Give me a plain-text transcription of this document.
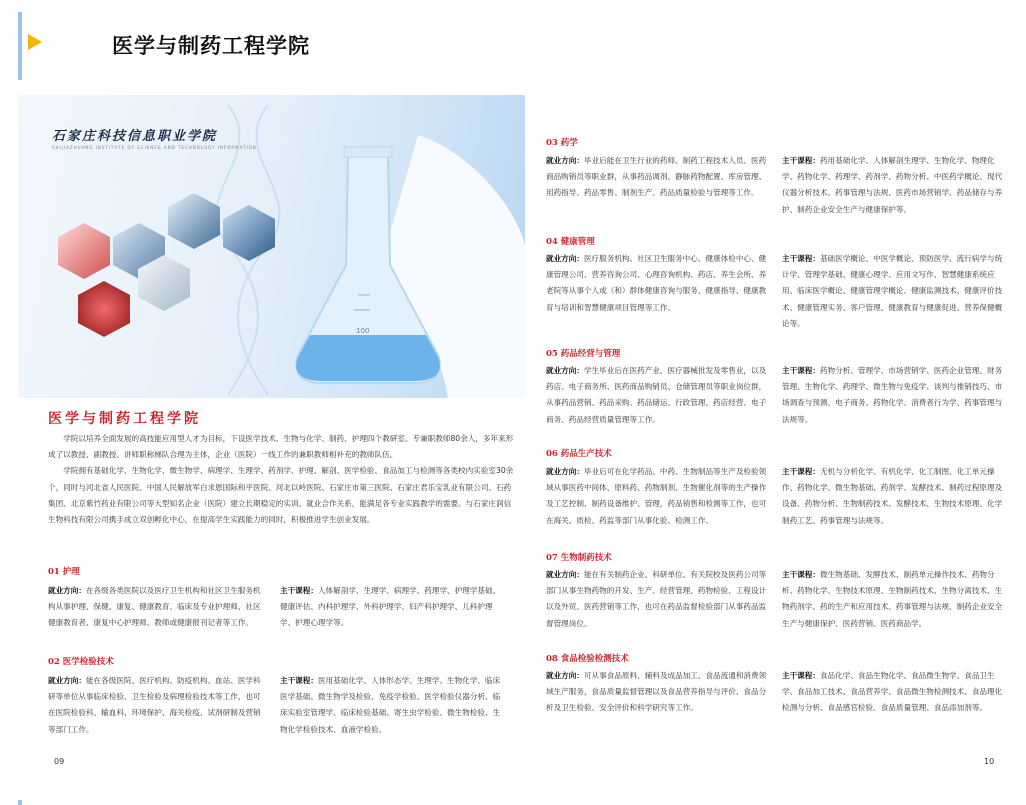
医学与制药工程学院
石家庄科技信息职业学院
SHIJIAZHUANG INSTITUTE OF SCIENCE AND TECHNOLOGY INFORMATION
100
医学与制药工程学院

学院以培养全面发展的高技能应用型人才为目标，下设医学技术、生物与化学、制药、护理四个教研室。专兼职教师80余人，多年来形成了以教授、副教授、讲师职称梯队合理为主体，企业（医院）一线工作的兼职教师相补充的教师队伍。

学院拥有基础化学、生物化学、微生物学、病理学、生理学、药剂学、护理、解剖、医学检验、食品加工与检测等各类校内实验室30余个，同时与河北省人民医院、中国人民解放军白求恩国际和平医院、河北以岭医院、石家庄市第三医院、石家庄君乐宝乳业有限公司、石药集团、北京紫竹药业有限公司等大型知名企业（医院）建立长期稳定的实训、就业合作关系，能满足各专业实践教学的需要。与石家庄润信生物科技有限公司携手成立双创孵化中心，在提高学生实践能力的同时，积极推进学生创业发展。

01 护理
就业方向：在各级各类医院以及医疗卫生机构和社区卫生服务机构从事护理、保健、康复、健康教育、临床及专业护理师、社区健康教育者、康复中心护理师、教师或健康报刊记者等工作。
主干课程：人体解剖学、生理学、病理学、药理学、护理学基础、健康评估、内科护理学、外科护理学、妇产科护理学、儿科护理学、护理心理学等。
02 医学检验技术
就业方向：能在各级医院、医疗机构、防疫机构、血站、医学科研等单位从事临床检验、卫生检验及病理检验技术等工作，也可在医院检验科、输血科、环境保护、海关检疫、试剂研制及营销等部门工作。
主干课程：医用基础化学、人体形态学、生理学、生物化学、临床医学基础、微生物学及检验、免疫学检验、医学检验仪器分析、临床实验室管理学、临床检验基础、寄生虫学检验、微生物检验、生物化学检验技术、血液学检验。
09
03 药学
就业方向：毕业后能在卫生行业的药师、制药工程技术人员、医药商品购销员等职业群，从事药品调剂、静脉药物配置、库房管理、用药指导、药品零售、制剂生产、药品质量检验与管理等工作。
主干课程：药用基础化学、人体解剖生理学、生物化学、物理化学、药物化学、药理学、药剂学、药物分析、中医药学概论、现代仪器分析技术、药事管理与法规、医药市场营销学、药品储存与养护、制药企业安全生产与健康保护等。
04 健康管理
就业方向：医疗服务机构、社区卫生服务中心、健康体检中心、健康管理公司、营养咨询公司、心理咨询机构、药店、养生会所、养老院等从事个人或（和）群体健康咨询与服务、健康指导、健康教育与培训和智慧健康项目管理等工作。
主干课程：基础医学概论、中医学概论、预防医学、流行病学与统计学、管理学基础、健康心理学、应用文写作、智慧健康系统应用、临床医学概论、健康管理学概论、健康监测技术、健康评价技术、健康管理实务、客户管理、健康教育与健康促进、营养保健概论等。
05 药品经营与管理
就业方向：学生毕业后在医药产业、医疗器械批发及零售业，以及药店、电子商务所、医药商品购销员、仓储管理员等职业岗位群，从事药品营销、药品采购、药品储运、行政管理、药店经营、电子商务、药品经营质量管理等工作。
主干课程：药物分析、管理学、市场营销学、医药企业管理、财务管理、生物化学、药理学、微生物与免疫学、谈判与推销技巧、市场调查与预测、电子商务、药物化学、消费者行为学、药事管理与法规等。
06 药品生产技术
就业方向：毕业后可在化学药品、中药、生物制品等生产及检验领域从事医药中间体、原料药、药物制剂、生物催化剂等的生产操作及工艺控制、制药设备维护、管理，药品销售和检测等工作，也可在海关、质检、药监等部门从事化验、检测工作。
主干课程：无机与分析化学、有机化学、化工制图、化工单元操作、药物化学、微生物基础、药剂学、发酵技术、制药过程原理及设备、药物分析、生物制药技术、发酵技术、生物技术原理、化学制药工艺、药事管理与法规等。
07 生物制药技术
就业方向：能在有关制药企业、科研单位、有关院校及医药公司等部门从事生物药物的开发、生产、经营管理、药物检验、工程设计以及外贸、医药营销等工作，也可在药品监督检验部门从事药品监督管理岗位。
主干课程：微生物基础、发酵技术、制药单元操作技术、药物分析、药物化学、生物技术原理、生物制药技术、生物分离技术、生物药剂学、药的生产和应用技术、药事管理与法规、制药企业安全生产与健康保护、医药营销、医药商品学。
08 食品检验检测技术
就业方向：可从事食品原料、辅料及成品加工、食品流通和消费领域生产服务，食品质量监督管理以及食品营养指导与评价、食品分析及卫生检验、安全评价和科学研究等工作。
主干课程：食品化学、食品生物化学、食品微生物学、食品卫生学、食品加工技术、食品营养学、食品微生物检测技术、食品理化检测与分析、食品感官检验、食品质量管理、食品添加剂等。
10
